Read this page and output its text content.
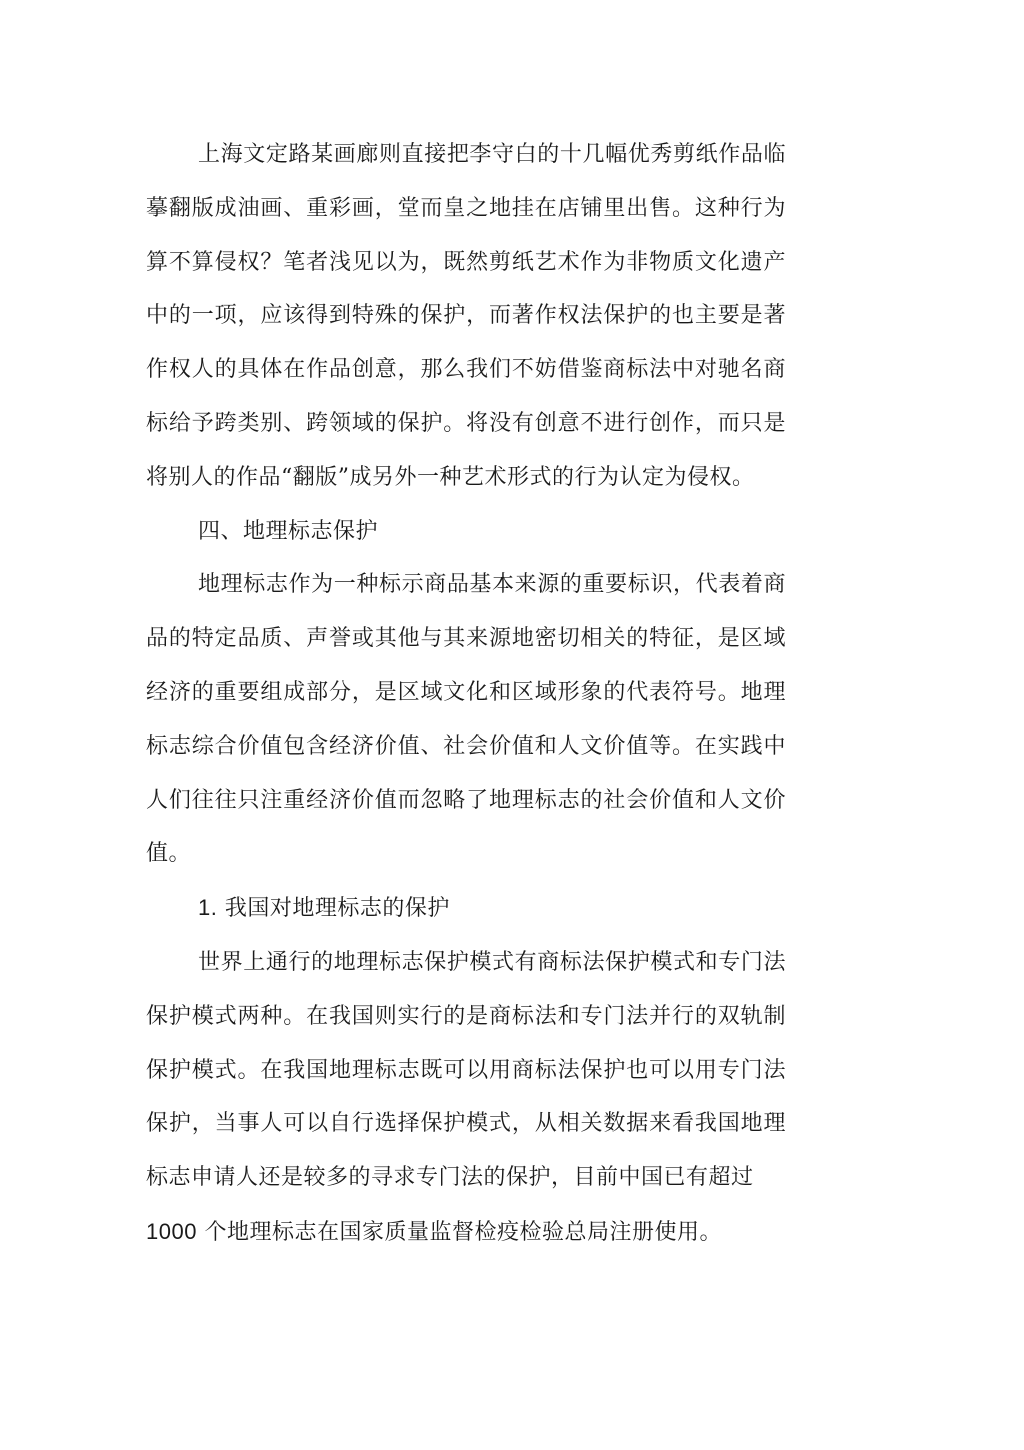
上海文定路某画廊则直接把李守白的十几幅优秀剪纸作品临摹翻版成油画、重彩画，堂而皇之地挂在店铺里出售。这种行为算不算侵权？笔者浅见以为，既然剪纸艺术作为非物质文化遗产中的一项，应该得到特殊的保护，而著作权法保护的也主要是著作权人的具体在作品创意，那么我们不妨借鉴商标法中对驰名商标给予跨类别、跨领域的保护。将没有创意不进行创作，而只是将别人的作品“翻版”成另外一种艺术形式的行为认定为侵权。

四、地理标志保护

地理标志作为一种标示商品基本来源的重要标识，代表着商品的特定品质、声誉或其他与其来源地密切相关的特征，是区域经济的重要组成部分，是区域文化和区域形象的代表符号。地理标志综合价值包含经济价值、社会价值和人文价值等。在实践中人们往往只注重经济价值而忽略了地理标志的社会价值和人文价值。

1. 我国对地理标志的保护

世界上通行的地理标志保护模式有商标法保护模式和专门法保护模式两种。在我国则实行的是商标法和专门法并行的双轨制保护模式。在我国地理标志既可以用商标法保护也可以用专门法保护，当事人可以自行选择保护模式，从相关数据来看我国地理标志申请人还是较多的寻求专门法的保护，目前中国已有超过
1000 个地理标志在国家质量监督检疫检验总局注册使用。
